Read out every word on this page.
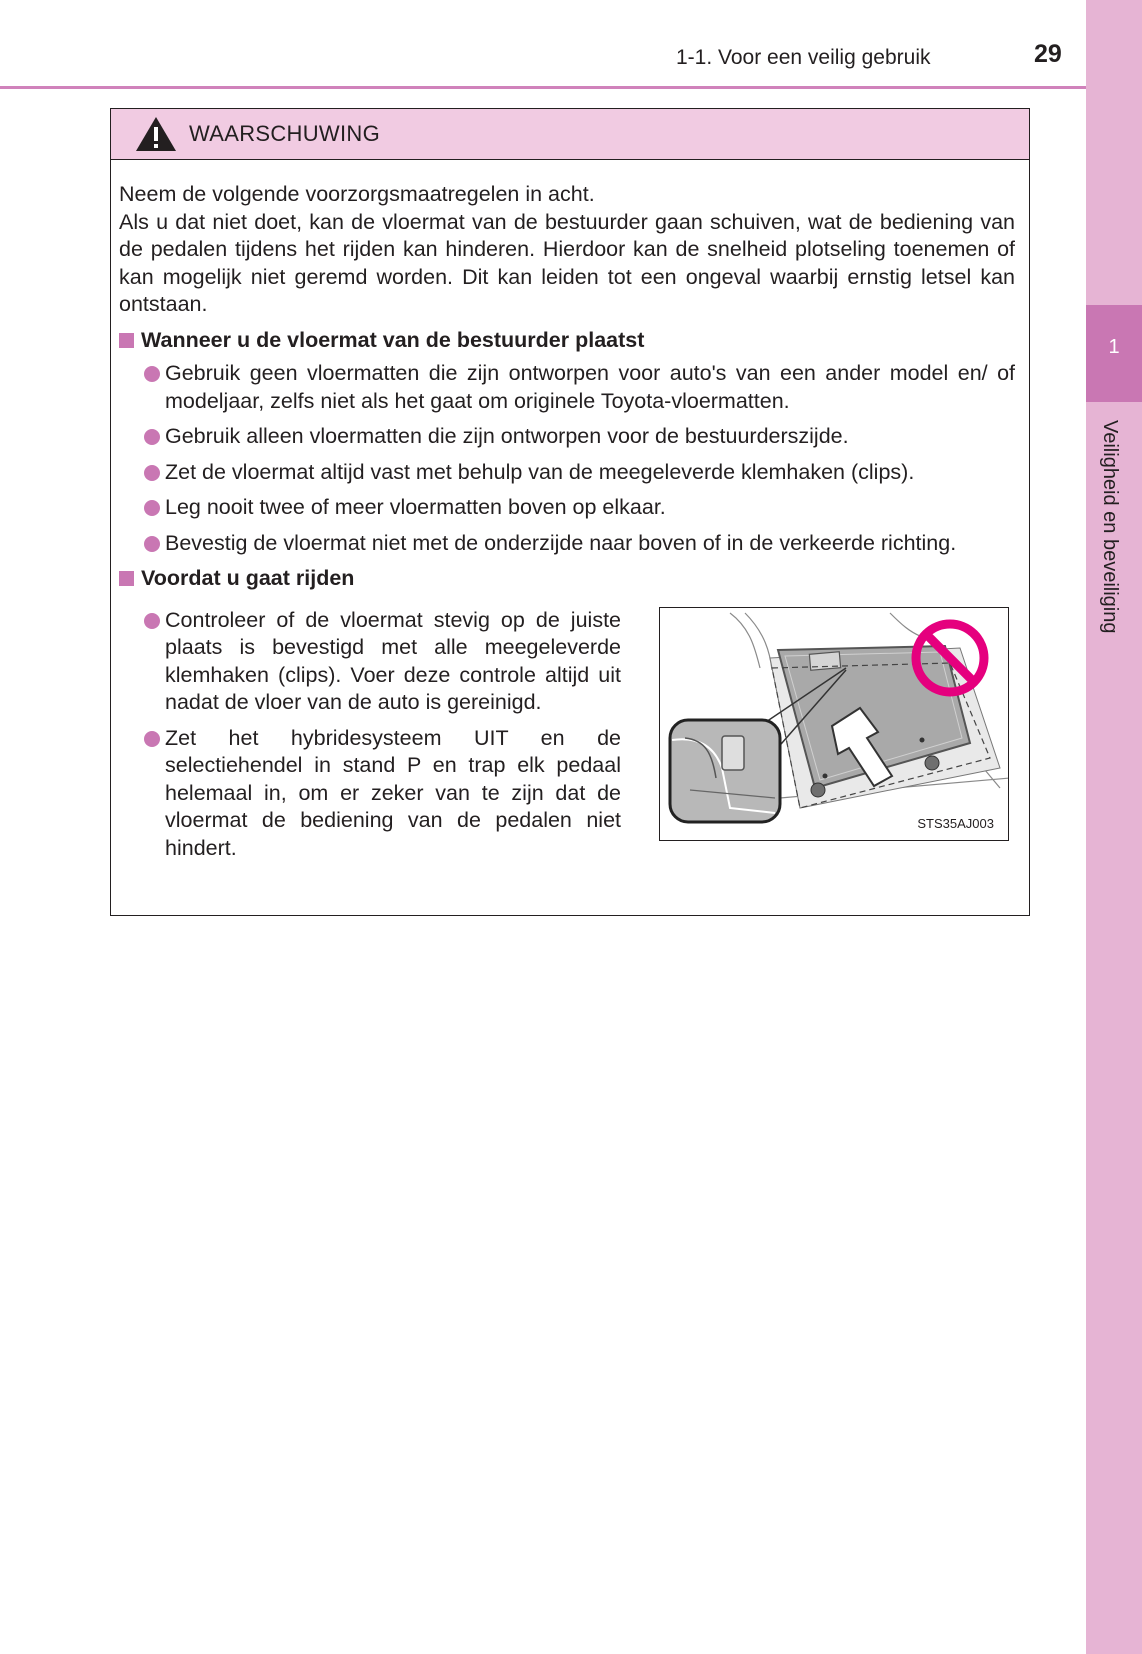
1
Veiligheid en beveiliging
1-1. Voor een veilig gebruik	29
WAARSCHUWING

Neem de volgende voorzorgsmaatregelen in acht.

Als u dat niet doet, kan de vloermat van de bestuurder gaan schuiven, wat de bediening van de pedalen tijdens het rijden kan hinderen. Hierdoor kan de snelheid plotseling toenemen of kan mogelijk niet geremd worden. Dit kan leiden tot een ongeval waarbij ernstig letsel kan ontstaan.

Wanneer u de vloermat van de bestuurder plaatst
Gebruik geen vloermatten die zijn ontworpen voor auto's van een ander model en/ of modeljaar, zelfs niet als het gaat om originele Toyota-vloermatten.
Gebruik alleen vloermatten die zijn ontworpen voor de bestuurderszijde.
Zet de vloermat altijd vast met behulp van de meegeleverde klemhaken (clips).
Leg nooit twee of meer vloermatten boven op elkaar.
Bevestig de vloermat niet met de onderzijde naar boven of in de verkeerde richting.
Voordat u gaat rijden
Controleer of de vloermat stevig op de juiste plaats is bevestigd met alle meegeleverde klemhaken (clips). Voer deze controle altijd uit nadat de vloer van de auto is gereinigd.
Zet het hybridesysteem UIT en de selectiehendel in stand P en trap elk pedaal helemaal in, om er zeker van te zijn dat de vloermat de bediening van de pedalen niet hindert.
STS35AJ003
